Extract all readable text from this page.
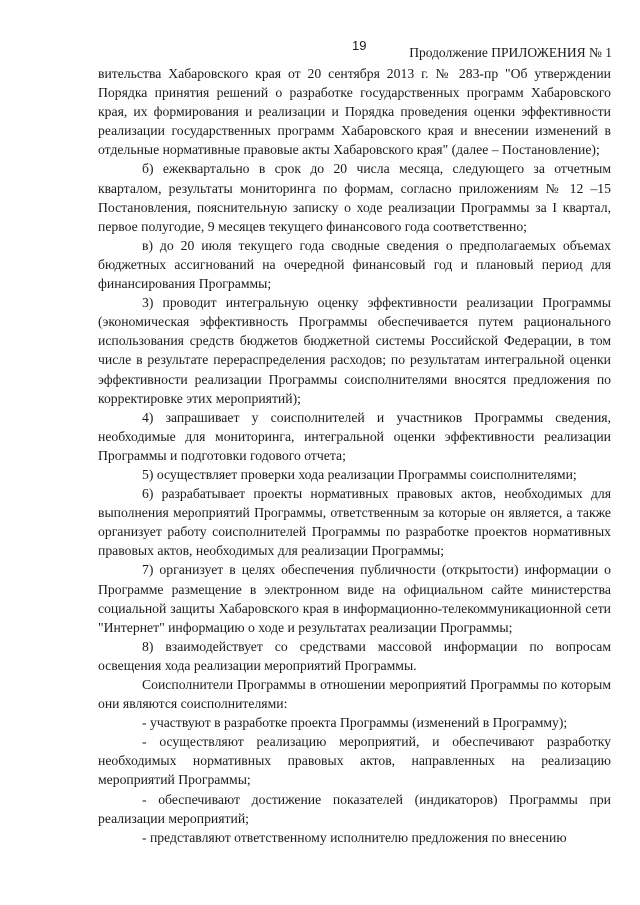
19	Продолжение ПРИЛОЖЕНИЯ № 1

вительства Хабаровского края от 20 сентября 2013 г. № 283-пр "Об утверждении Порядка принятия решений о разработке государственных программ Хабаровского края, их формирования и реализации и Порядка проведения оценки эффективности реализации государственных программ Хабаровского края и внесении изменений в отдельные нормативные правовые акты Хабаровского края" (далее – Постановление);

б) ежеквартально в срок до 20 числа месяца, следующего за отчетным кварталом, результаты мониторинга по формам, согласно приложениям № 12 –15 Постановления, пояснительную записку о ходе реализации Программы за I квартал, первое полугодие, 9 месяцев текущего финансового года соответственно;

в) до 20 июля текущего года сводные сведения о предполагаемых объемах бюджетных ассигнований на очередной финансовый год и плановый период для финансирования Программы;

3) проводит интегральную оценку эффективности реализации Программы (экономическая эффективность Программы обеспечивается путем рационального использования средств бюджетов бюджетной системы Российской Федерации, в том числе в результате перераспределения расходов; по результатам интегральной оценки эффективности реализации Программы соисполнителями вносятся предложения по корректировке этих мероприятий);

4) запрашивает у соисполнителей и участников Программы сведения, необходимые для мониторинга, интегральной оценки эффективности реализации Программы и подготовки годового отчета;

5) осуществляет проверки хода реализации Программы соисполнителями;

6) разрабатывает проекты нормативных правовых актов, необходимых для выполнения мероприятий Программы, ответственным за которые он является, а также организует работу соисполнителей Программы по разработке проектов нормативных правовых актов, необходимых для реализации Программы;

7) организует в целях обеспечения публичности (открытости) информации о Программе размещение в электронном виде на официальном сайте министерства социальной защиты Хабаровского края в информационно-телекоммуникационной сети "Интернет" информацию о ходе и результатах реализации Программы;

8) взаимодействует со средствами массовой информации по вопросам освещения хода реализации мероприятий Программы.

Соисполнители Программы в отношении мероприятий Программы по которым они являются соисполнителями:

- участвуют в разработке проекта Программы (изменений в Программу);

- осуществляют реализацию мероприятий, и обеспечивают разработку необходимых нормативных правовых актов, направленных на реализацию мероприятий Программы;

- обеспечивают достижение показателей (индикаторов) Программы при реализации мероприятий;

- представляют ответственному исполнителю предложения по внесению
